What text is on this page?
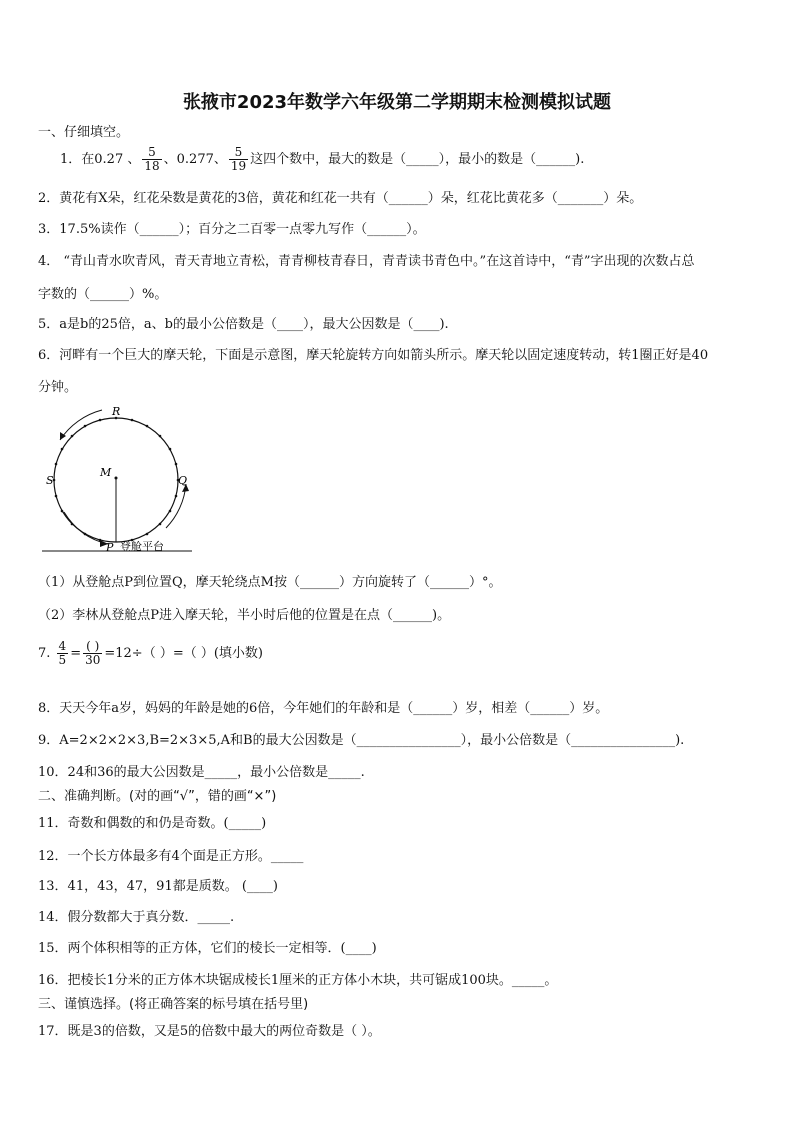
张掖市2023年数学六年级第二学期期末检测模拟试题
一、仔细填空。
1．在0.27 、 $\frac{5}{18}$ 、0.277、 $\frac{5}{19}$ 这四个数中，最大的数是（_____），最小的数是（______).
2．黄花有X朵，红花朵数是黄花的3倍，黄花和红花一共有（______）朵，红花比黄花多（_______）朵。
3．17.5%读作（______）；百分之二百零一点零九写作（______）。
4． “青山青水吹青风，青天青地立青松，青青柳枝青春日，青青读书青色中。”在这首诗中，“青”字出现的次数占总
字数的（______）%。
5．a是b的25倍，a、b的最小公倍数是（____），最大公因数是（____).
6．河畔有一个巨大的摩天轮，下面是示意图，摩天轮旋转方向如箭头所示。摩天轮以固定速度转动，转1圈正好是40
分钟。
R
M
S	Q
P 登舱平台
（1）从登舱点P到位置Q，摩天轮绕点M按（______）方向旋转了（______）°。
（2）李林从登舱点P进入摩天轮，半小时后他的位置是在点（______)。
7. $\frac{4}{5} = \frac{( )}{30} =12\div$（ ）=（ ）(填小数)
8．天天今年a岁，妈妈的年龄是她的6倍，今年她们的年龄和是（______）岁，相差（______）岁。
9．A=2×2×2×3,B=2×3×5,A和B的最大公因数是（________________），最小公倍数是（________________).
10．24和36的最大公因数是_____，最小公倍数是_____.
二、准确判断。(对的画“√”，错的画“×”)
11．奇数和偶数的和仍是奇数。(_____)
12．一个长方体最多有4个面是正方形。_____
13．41，43，47，91都是质数。 (____)
14．假分数都大于真分数．_____.
15．两个体积相等的正方体，它们的棱长一定相等．(____)
16．把棱长1分米的正方体木块锯成棱长1厘米的正方体小木块，共可锯成100块。_____。
三、谨慎选择。(将正确答案的标号填在括号里)
17．既是3的倍数，又是5的倍数中最大的两位奇数是（ ）。
